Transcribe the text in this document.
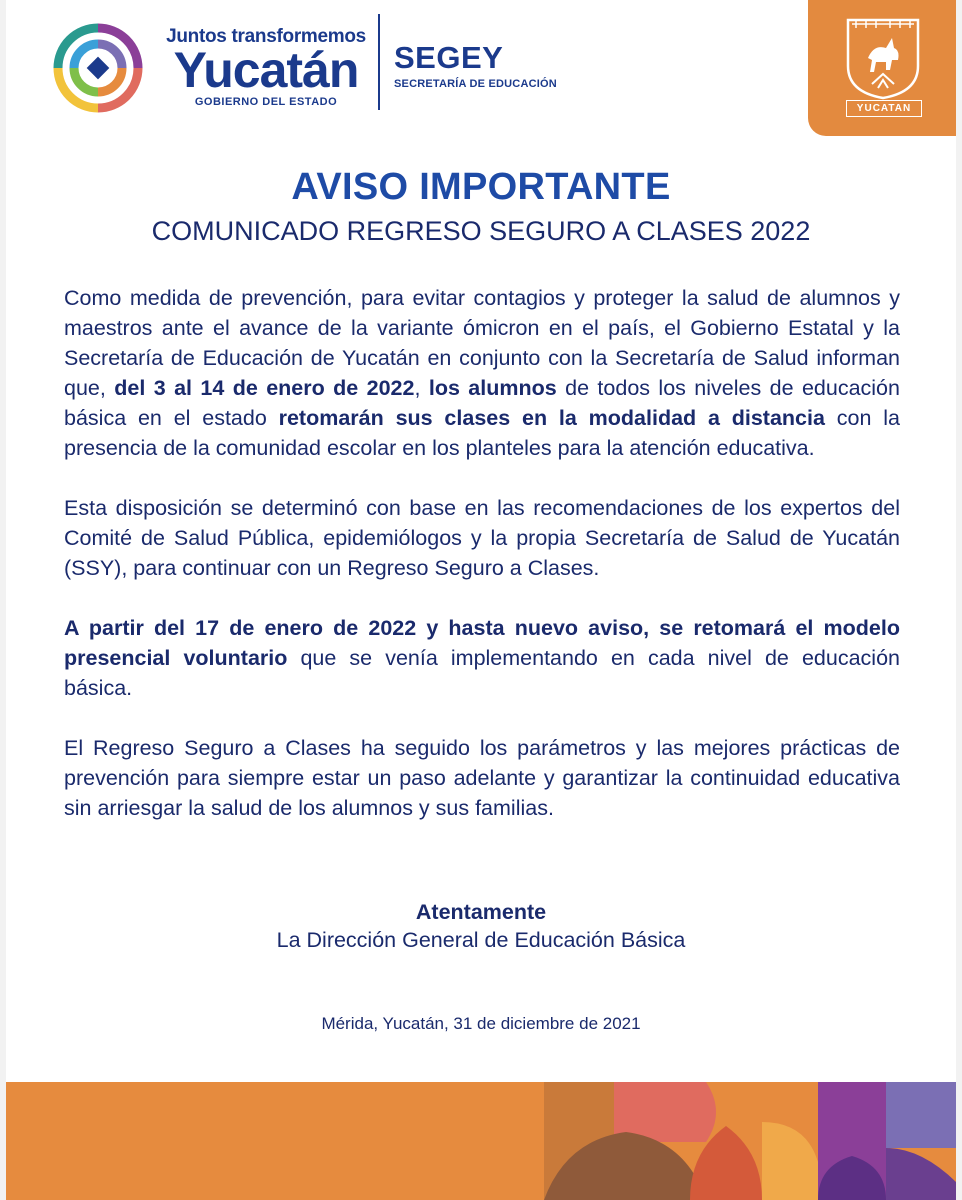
Juntos transformemos
Yucatán
GOBIERNO DEL ESTADO
SEGEY
SECRETARÍA DE EDUCACIÓN
YUCATAN
AVISO IMPORTANTE
COMUNICADO REGRESO SEGURO A CLASES 2022

Como medida de prevención, para evitar contagios y proteger la salud de alumnos y maestros ante el avance de la variante ómicron en el país, el Gobierno Estatal y la Secretaría de Educación de Yucatán en conjunto con la Secretaría de Salud informan que, del 3 al 14 de enero de 2022, los alumnos de todos los niveles de educación básica en el estado retomarán sus clases en la modalidad a distancia con la presencia de la comunidad escolar en los planteles para la atención educativa.

Esta disposición se determinó con base en las recomendaciones de los expertos del Comité de Salud Pública, epidemiólogos y la propia Secretaría de Salud de Yucatán (SSY), para continuar con un Regreso Seguro a Clases.

A partir del 17 de enero de 2022 y hasta nuevo aviso, se retomará el modelo presencial voluntario que se venía implementando en cada nivel de educación básica.

El Regreso Seguro a Clases ha seguido los parámetros y las mejores prácticas de prevención para siempre estar un paso adelante y garantizar la continuidad educativa sin arriesgar la salud de los alumnos y sus familias.

Atentamente
La Dirección General de Educación Básica
Mérida, Yucatán, 31 de diciembre de 2021
